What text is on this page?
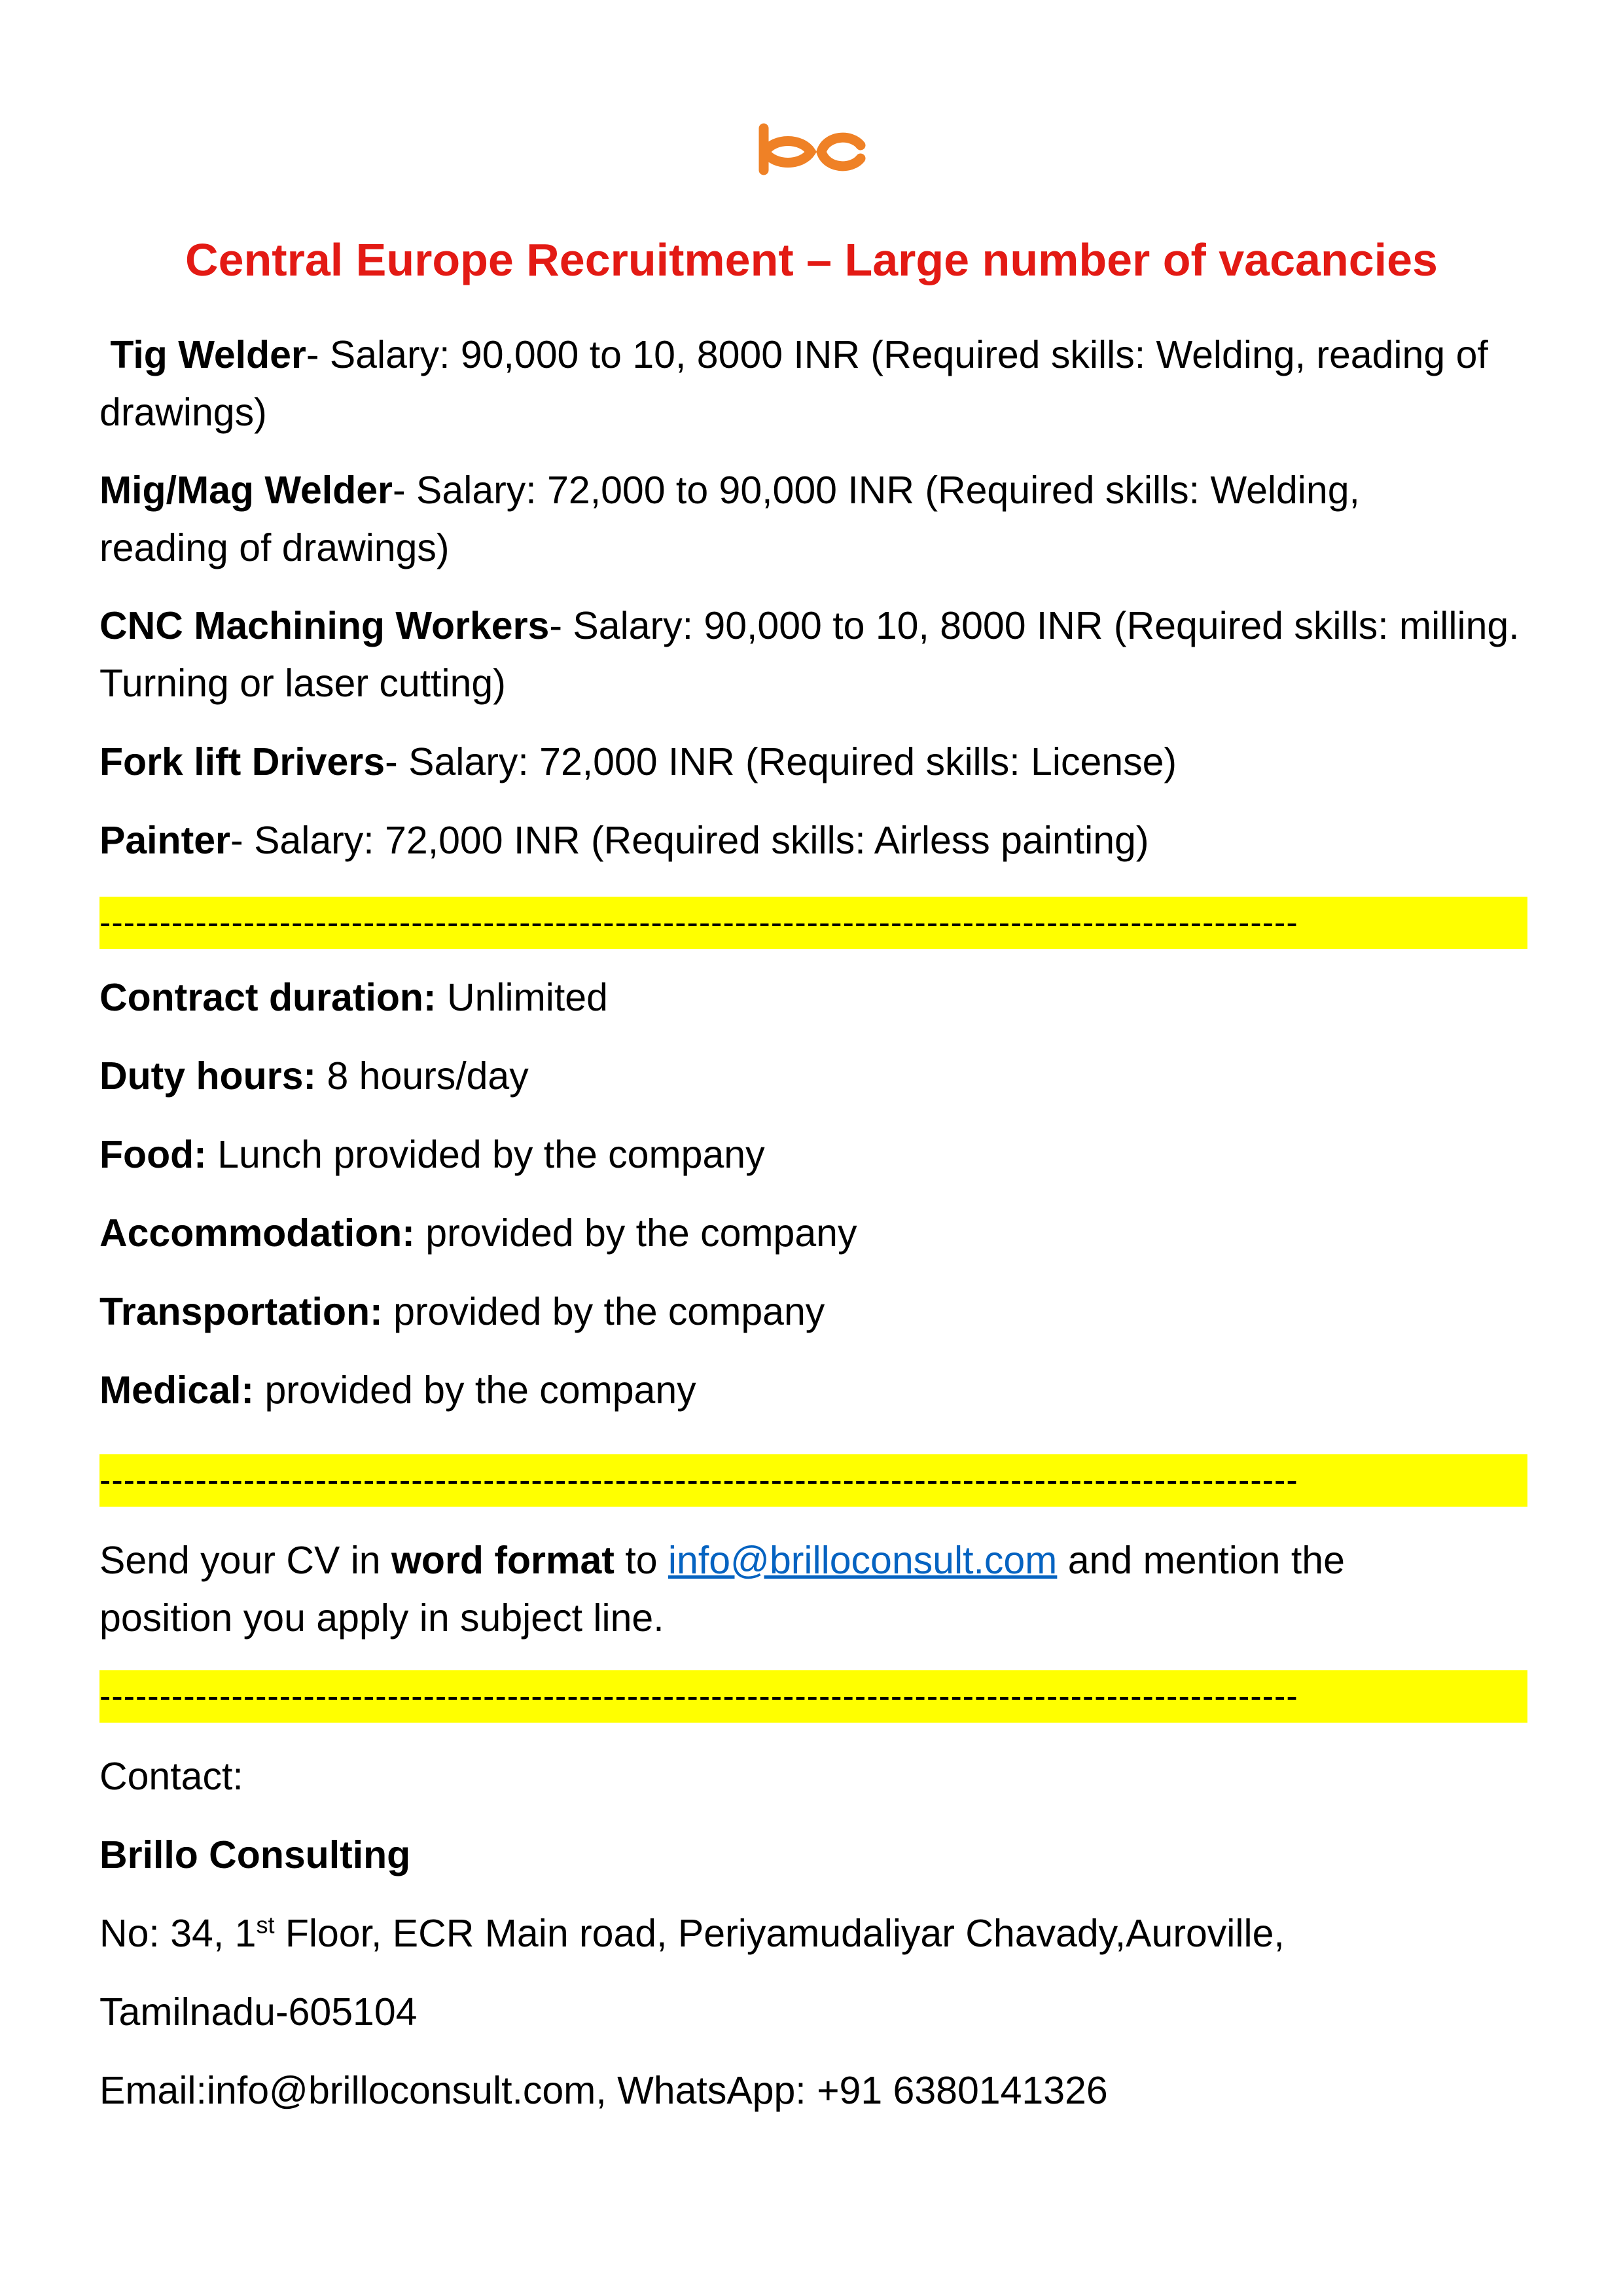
Central Europe Recruitment – Large number of vacancies
Tig Welder- Salary: 90,000 to 10, 8000 INR (Required skills: Welding, reading of
drawings)
Mig/Mag Welder- Salary: 72,000 to 90,000 INR (Required skills: Welding,
reading of drawings)
CNC Machining Workers- Salary: 90,000 to 10, 8000 INR (Required skills: milling.
Turning or laser cutting)
Fork lift Drivers- Salary: 72,000 INR (Required skills: License)
Painter- Salary: 72,000 INR (Required skills: Airless painting)
----------------------------------------------------------------------------------------------------
Contract duration: Unlimited
Duty hours: 8 hours/day
Food: Lunch provided by the company
Accommodation: provided by the company
Transportation: provided by the company
Medical: provided by the company
----------------------------------------------------------------------------------------------------
Send your CV in word format to info@brilloconsult.com and mention the
position you apply in subject line.
----------------------------------------------------------------------------------------------------
Contact:
Brillo Consulting
No: 34, 1st Floor, ECR Main road, Periyamudaliyar Chavady,Auroville,
Tamilnadu-605104
Email:info@brilloconsult.com, WhatsApp: +91 6380141326
